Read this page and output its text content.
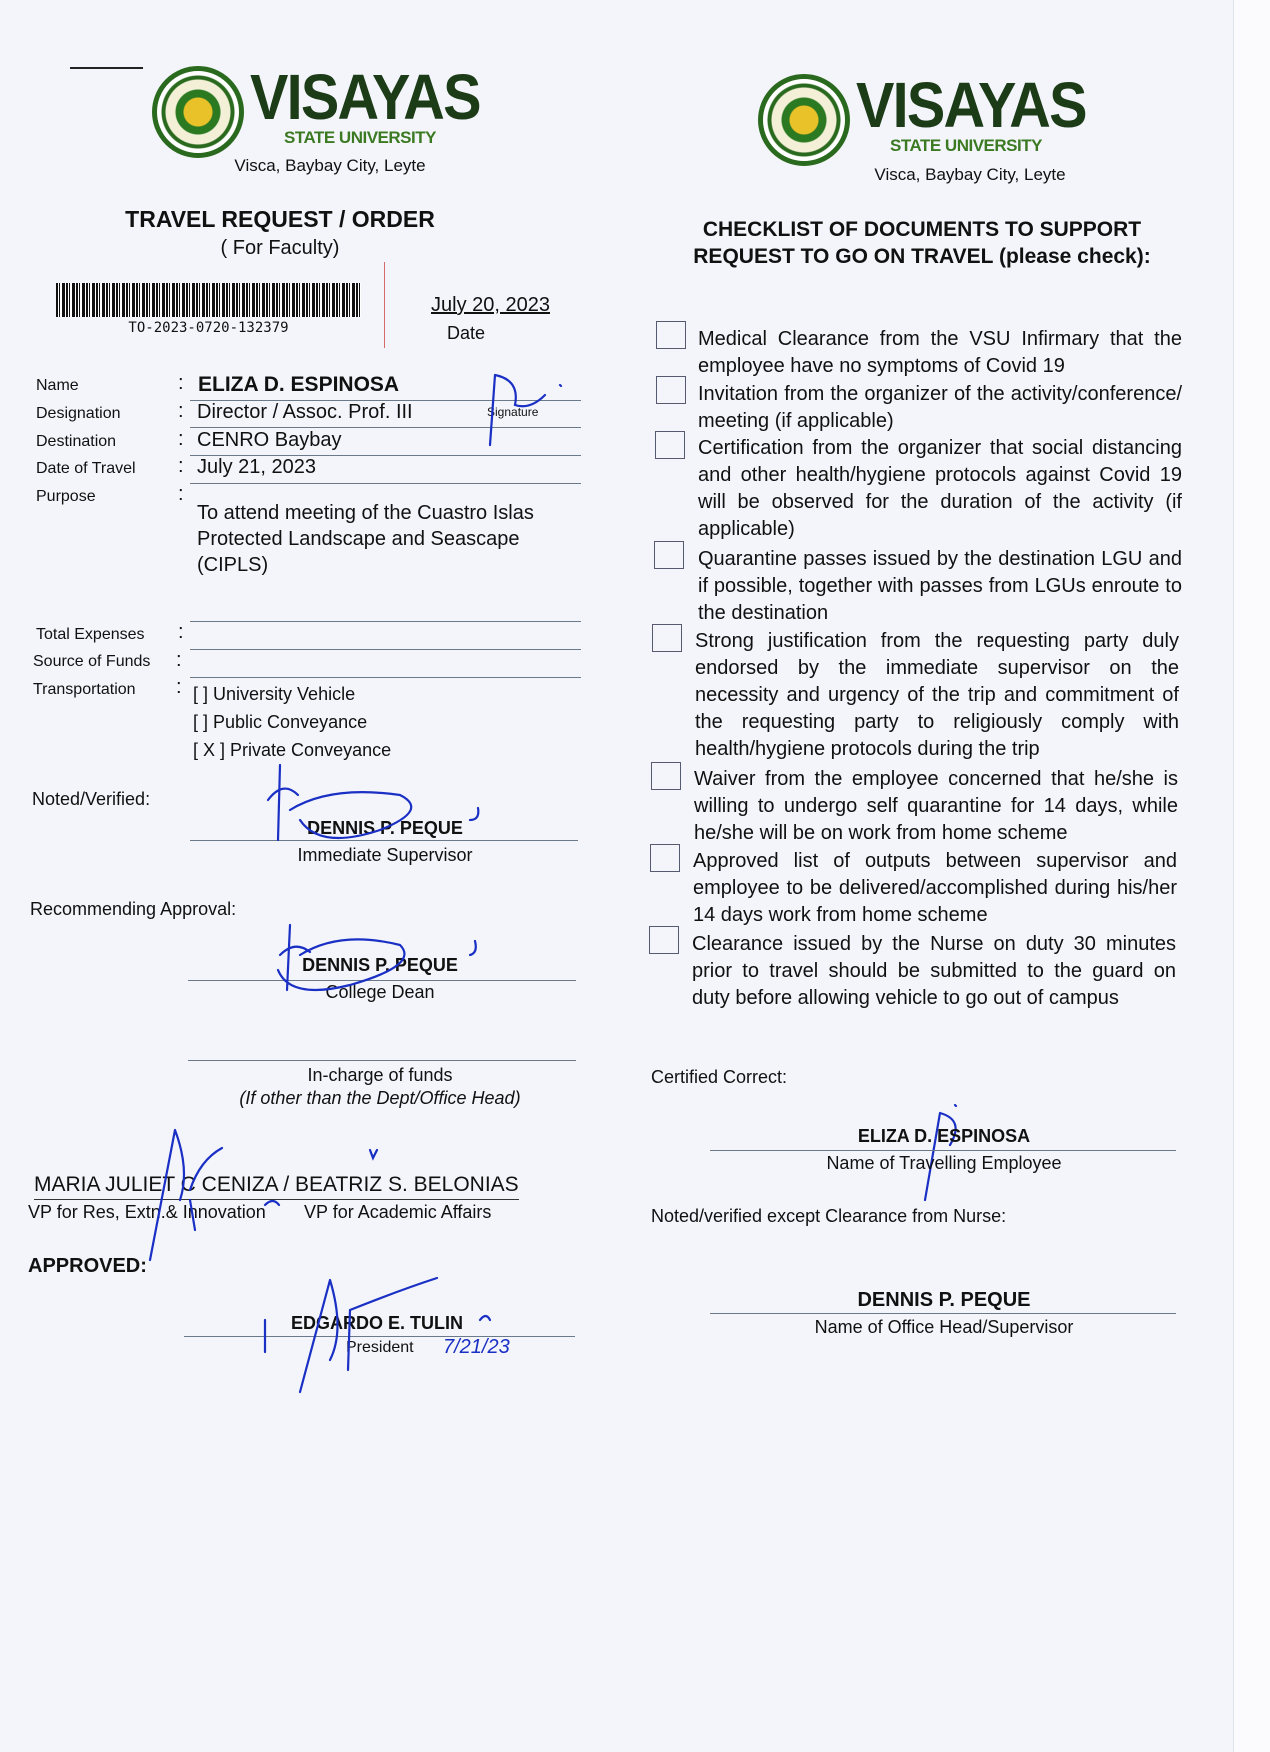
VISAYAS
STATE UNIVERSITY
Visca, Baybay City, Leyte
TRAVEL REQUEST / ORDER
( For Faculty)
TO-2023-0720-132379
July 20, 2023
Date
Name
Designation
Destination
Date of Travel
Purpose
Total Expenses
Source of Funds
Transportation
:
:
:
:
:
:
:
:
ELIZA D. ESPINOSA
Director / Assoc. Prof. III
CENRO Baybay
July 21, 2023
Signature
To attend meeting of the Cuastro Islas
Protected Landscape and Seascape
(CIPLS)
[ ] University Vehicle
[ ] Public Conveyance
[ X ] Private Conveyance
Noted/Verified:
DENNIS P. PEQUE
Immediate Supervisor
Recommending Approval:
DENNIS P. PEQUE
College Dean
In-charge of funds
(If other than the Dept/Office Head)
MARIA JULIET C CENIZA / BEATRIZ S. BELONIAS
VP for Res, Extn.& Innovation VP for Academic Affairs
APPROVED:
EDGARDO E. TULIN
President 7/21/23
VISAYAS
STATE UNIVERSITY
Visca, Baybay City, Leyte
CHECKLIST OF DOCUMENTS TO SUPPORT
REQUEST TO GO ON TRAVEL (please check):
Medical Clearance from the VSU Infirmary that the employee have no symptoms of Covid 19
Invitation from the organizer of the activity/conference/ meeting (if applicable)
Certification from the organizer that social distancing and other health/hygiene protocols against Covid 19 will be observed for the duration of the activity (if applicable)
Quarantine passes issued by the destination LGU and if possible, together with passes from LGUs enroute to the destination
Strong justification from the requesting party duly endorsed by the immediate supervisor on the necessity and urgency of the trip and commitment of the requesting party to religiously comply with health/hygiene protocols during the trip
Waiver from the employee concerned that he/she is willing to undergo self quarantine for 14 days, while he/she will be on work from home scheme
Approved list of outputs between supervisor and employee to be delivered/accomplished during his/her 14 days work from home scheme
Clearance issued by the Nurse on duty 30 minutes prior to travel should be submitted to the guard on duty before allowing vehicle to go out of campus
Certified Correct:
ELIZA D. ESPINOSA
Name of Travelling Employee
Noted/verified except Clearance from Nurse:
DENNIS P. PEQUE
Name of Office Head/Supervisor
